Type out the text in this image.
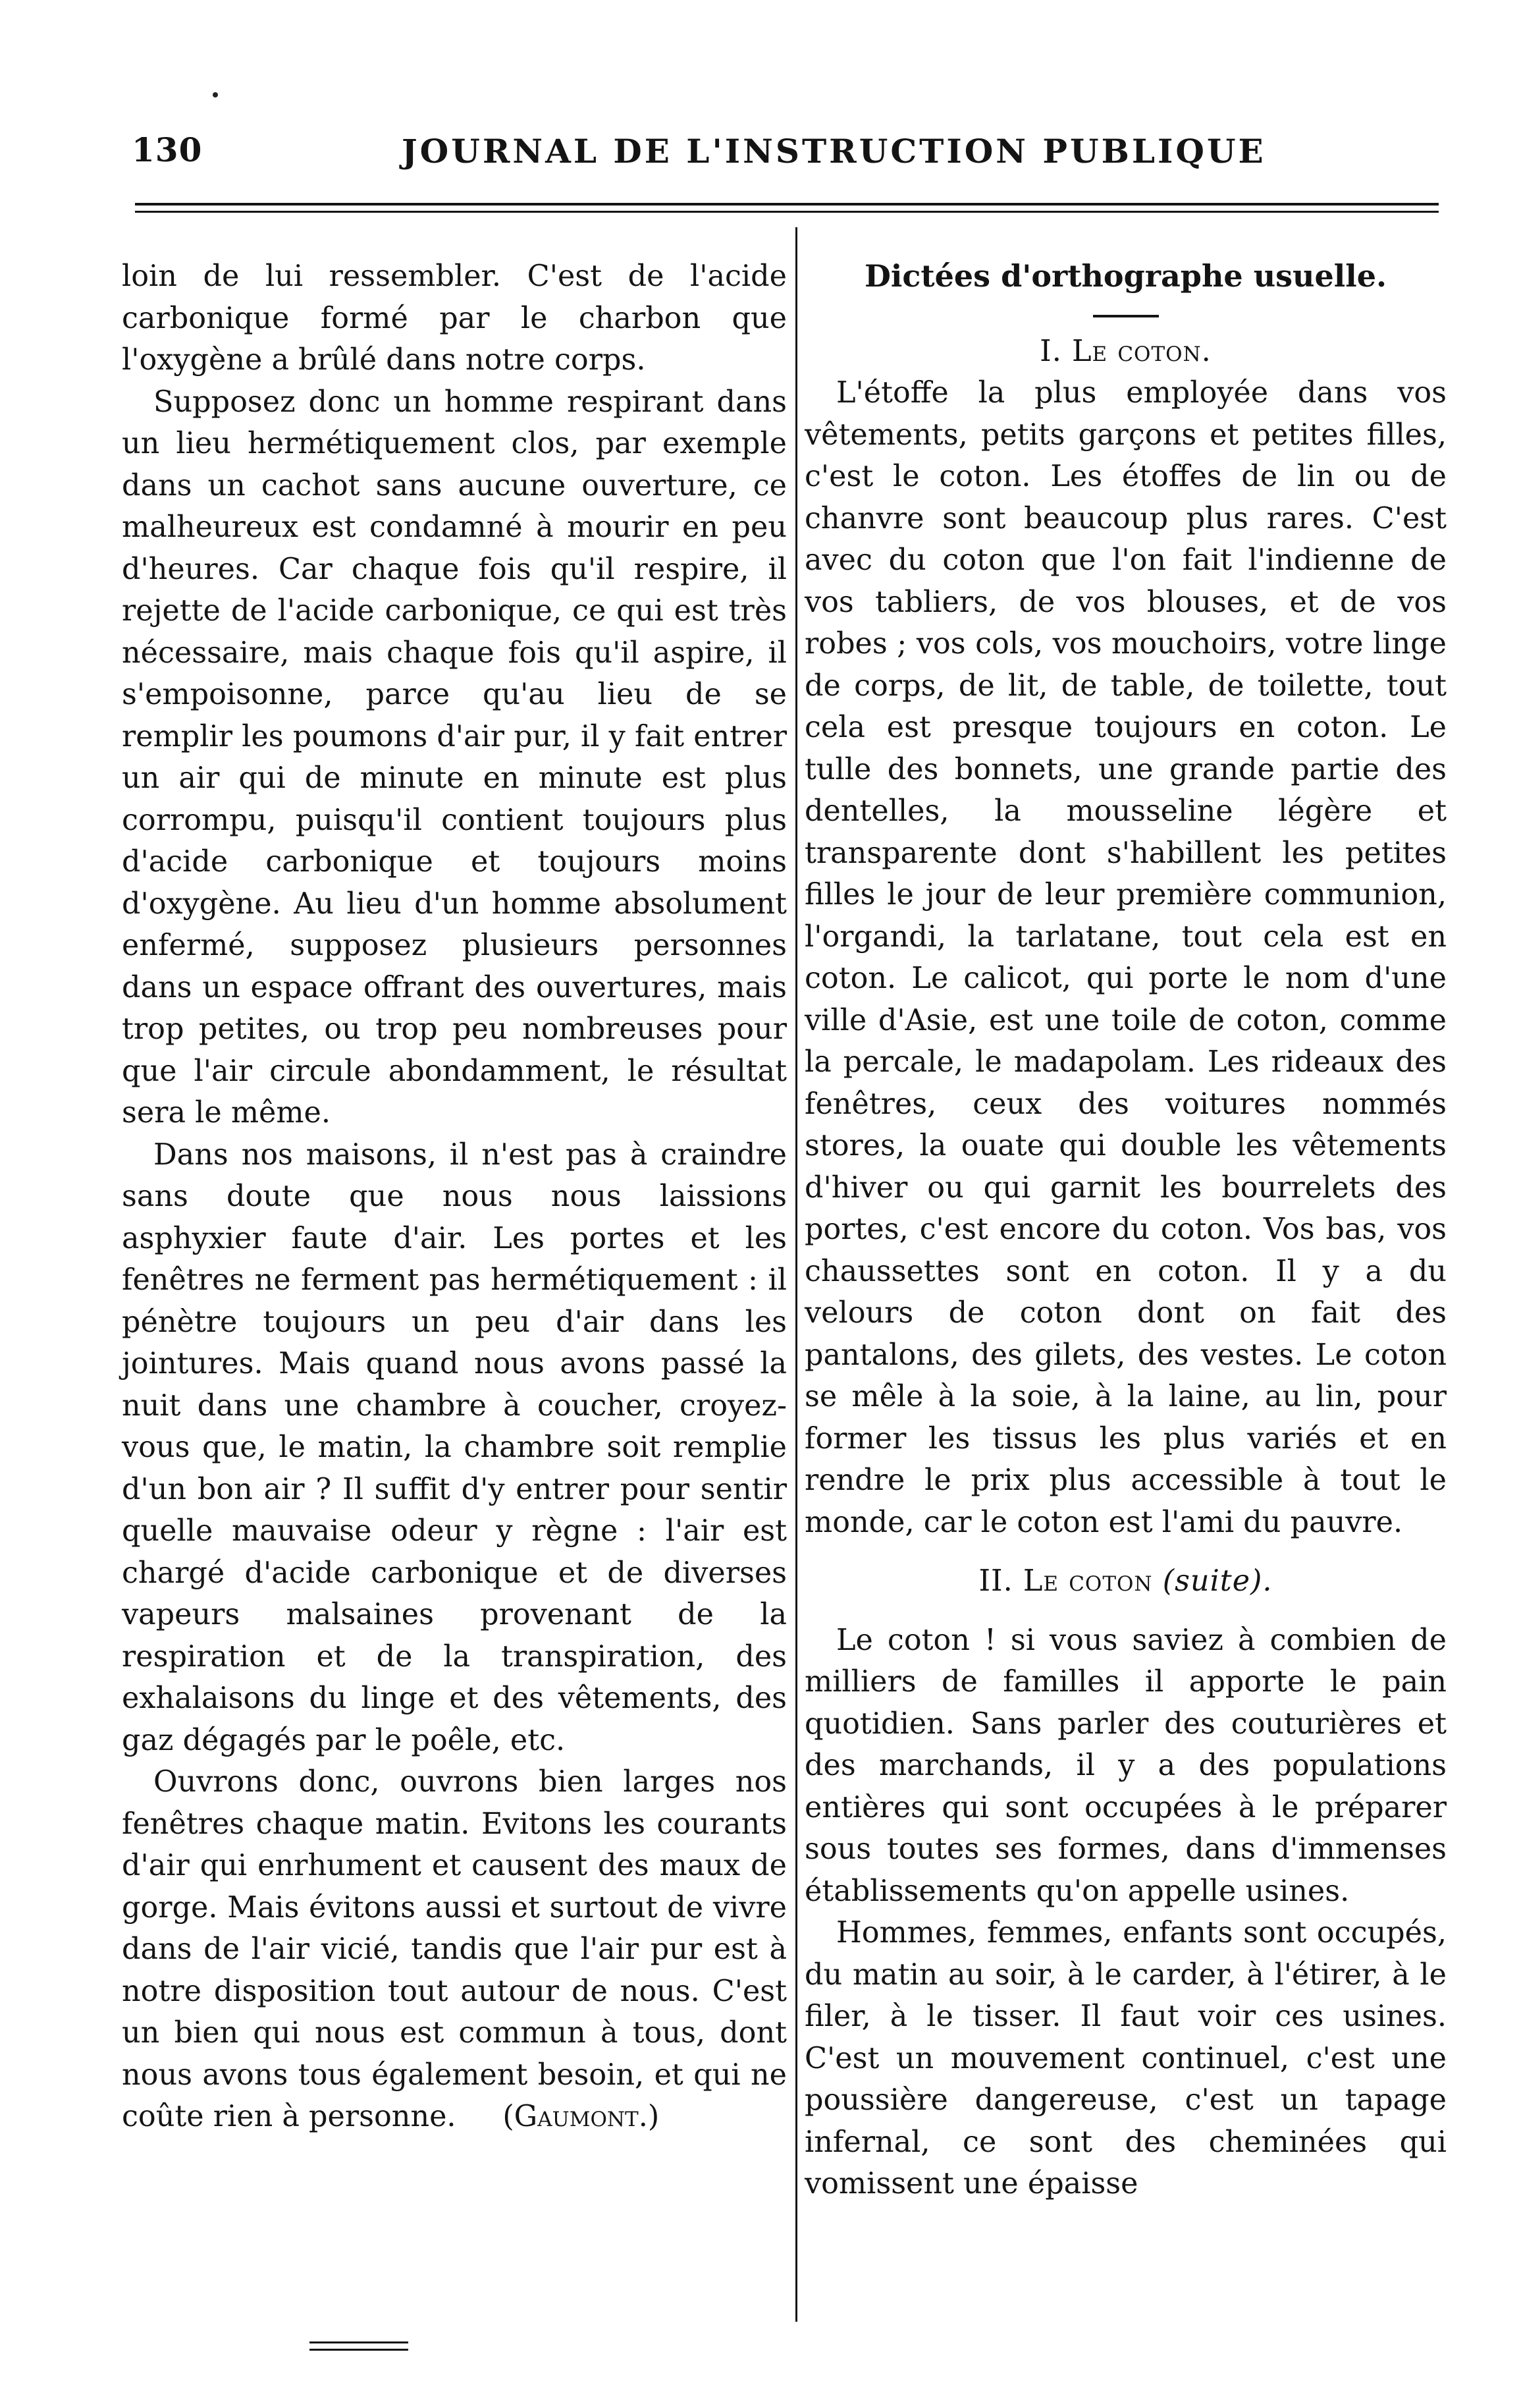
130	JOURNAL DE L'INSTRUCTION PUBLIQUE

loin de lui ressembler. C'est de l'acide carbonique formé par le charbon que l'oxygène a brûlé dans notre corps.

Supposez donc un homme respirant dans un lieu hermétiquement clos, par exemple dans un cachot sans aucune ouverture, ce malheureux est condamné à mourir en peu d'heures. Car chaque fois qu'il respire, il rejette de l'acide carbonique, ce qui est très nécessaire, mais chaque fois qu'il aspire, il s'empoisonne, parce qu'au lieu de se remplir les poumons d'air pur, il y fait entrer un air qui de minute en minute est plus corrompu, puisqu'il contient toujours plus d'acide carbonique et toujours moins d'oxygène. Au lieu d'un homme absolument enfermé, supposez plusieurs personnes dans un espace offrant des ouvertures, mais trop petites, ou trop peu nombreuses pour que l'air circule abondamment, le résultat sera le même.

Dans nos maisons, il n'est pas à craindre sans doute que nous nous laissions asphyxier faute d'air. Les portes et les fenêtres ne ferment pas hermétiquement : il pénètre toujours un peu d'air dans les jointures. Mais quand nous avons passé la nuit dans une chambre à coucher, croyez-vous que, le matin, la chambre soit remplie d'un bon air ? Il suffit d'y entrer pour sentir quelle mauvaise odeur y règne : l'air est chargé d'acide carbonique et de diverses vapeurs malsaines provenant de la respiration et de la transpiration, des exhalaisons du linge et des vêtements, des gaz dégagés par le poêle, etc.

Ouvrons donc, ouvrons bien larges nos fenêtres chaque matin. Evitons les courants d'air qui enrhument et causent des maux de gorge. Mais évitons aussi et surtout de vivre dans de l'air vicié, tandis que l'air pur est à notre disposition tout autour de nous. C'est un bien qui nous est commun à tous, dont nous avons tous également besoin, et qui ne coûte rien à personne. (Gaumont.)

Dictées d'orthographe usuelle.

I. Le coton.

L'étoffe la plus employée dans vos vêtements, petits garçons et petites filles, c'est le coton. Les étoffes de lin ou de chanvre sont beaucoup plus rares. C'est avec du coton que l'on fait l'indienne de vos tabliers, de vos blouses, et de vos robes ; vos cols, vos mouchoirs, votre linge de corps, de lit, de table, de toilette, tout cela est presque toujours en coton. Le tulle des bonnets, une grande partie des dentelles, la mousseline légère et transparente dont s'habillent les petites filles le jour de leur première communion, l'organdi, la tarlatane, tout cela est en coton. Le calicot, qui porte le nom d'une ville d'Asie, est une toile de coton, comme la percale, le madapolam. Les rideaux des fenêtres, ceux des voitures nommés stores, la ouate qui double les vêtements d'hiver ou qui garnit les bourrelets des portes, c'est encore du coton. Vos bas, vos chaussettes sont en coton. Il y a du velours de coton dont on fait des pantalons, des gilets, des vestes. Le coton se mêle à la soie, à la laine, au lin, pour former les tissus les plus variés et en rendre le prix plus accessible à tout le monde, car le coton est l'ami du pauvre.

II. Le coton (suite).

Le coton ! si vous saviez à combien de milliers de familles il apporte le pain quotidien. Sans parler des couturières et des marchands, il y a des populations entières qui sont occupées à le préparer sous toutes ses formes, dans d'immenses établissements qu'on appelle usines.

Hommes, femmes, enfants sont occupés, du matin au soir, à le carder, à l'étirer, à le filer, à le tisser. Il faut voir ces usines. C'est un mouvement continuel, c'est une poussière dangereuse, c'est un tapage infernal, ce sont des cheminées qui vomissent une épaisse
